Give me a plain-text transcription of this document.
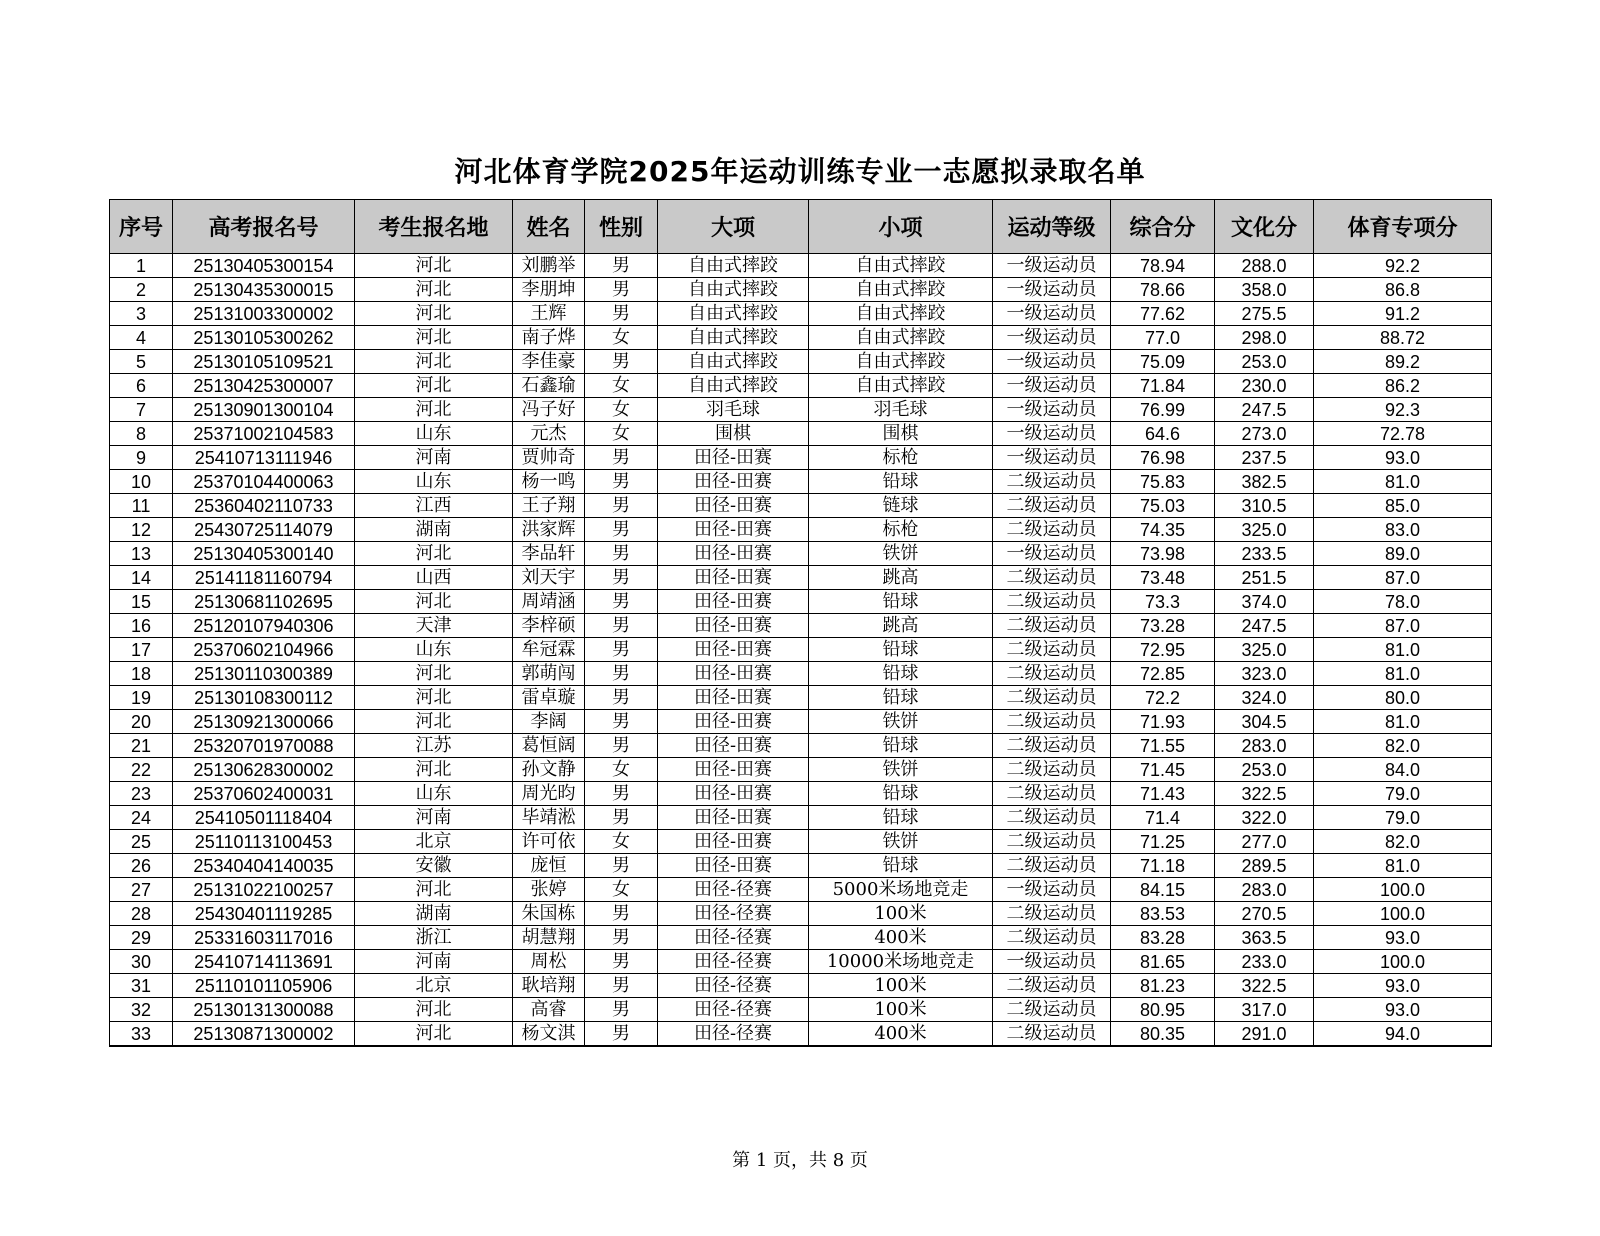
河北体育学院2025年运动训练专业一志愿拟录取名单
序号	高考报名号	考生报名地	姓名	性别	大项	小项	运动等级	综合分	文化分	体育专项分
1	25130405300154	河北	刘鹏举	男	自由式摔跤	自由式摔跤	一级运动员	78.94	288.0	92.2
2	25130435300015	河北	李朋坤	男	自由式摔跤	自由式摔跤	一级运动员	78.66	358.0	86.8
3	25131003300002	河北	王辉	男	自由式摔跤	自由式摔跤	一级运动员	77.62	275.5	91.2
4	25130105300262	河北	南子烨	女	自由式摔跤	自由式摔跤	一级运动员	77.0	298.0	88.72
5	25130105109521	河北	李佳豪	男	自由式摔跤	自由式摔跤	一级运动员	75.09	253.0	89.2
6	25130425300007	河北	石鑫瑜	女	自由式摔跤	自由式摔跤	一级运动员	71.84	230.0	86.2
7	25130901300104	河北	冯子好	女	羽毛球	羽毛球	一级运动员	76.99	247.5	92.3
8	25371002104583	山东	元杰	女	围棋	围棋	一级运动员	64.6	273.0	72.78
9	25410713111946	河南	贾帅奇	男	田径-田赛	标枪	一级运动员	76.98	237.5	93.0
10	25370104400063	山东	杨一鸣	男	田径-田赛	铅球	二级运动员	75.83	382.5	81.0
11	25360402110733	江西	王子翔	男	田径-田赛	链球	二级运动员	75.03	310.5	85.0
12	25430725114079	湖南	洪家辉	男	田径-田赛	标枪	二级运动员	74.35	325.0	83.0
13	25130405300140	河北	李品轩	男	田径-田赛	铁饼	一级运动员	73.98	233.5	89.0
14	25141181160794	山西	刘天宇	男	田径-田赛	跳高	二级运动员	73.48	251.5	87.0
15	25130681102695	河北	周靖涵	男	田径-田赛	铅球	二级运动员	73.3	374.0	78.0
16	25120107940306	天津	李梓硕	男	田径-田赛	跳高	二级运动员	73.28	247.5	87.0
17	25370602104966	山东	牟冠霖	男	田径-田赛	铅球	二级运动员	72.95	325.0	81.0
18	25130110300389	河北	郭萌闯	男	田径-田赛	铅球	二级运动员	72.85	323.0	81.0
19	25130108300112	河北	雷卓璇	男	田径-田赛	铅球	二级运动员	72.2	324.0	80.0
20	25130921300066	河北	李阔	男	田径-田赛	铁饼	二级运动员	71.93	304.5	81.0
21	25320701970088	江苏	葛恒阔	男	田径-田赛	铅球	二级运动员	71.55	283.0	82.0
22	25130628300002	河北	孙文静	女	田径-田赛	铁饼	二级运动员	71.45	253.0	84.0
23	25370602400031	山东	周光昀	男	田径-田赛	铅球	二级运动员	71.43	322.5	79.0
24	25410501118404	河南	毕靖淞	男	田径-田赛	铅球	二级运动员	71.4	322.0	79.0
25	25110113100453	北京	许可依	女	田径-田赛	铁饼	二级运动员	71.25	277.0	82.0
26	25340404140035	安徽	庞恒	男	田径-田赛	铅球	二级运动员	71.18	289.5	81.0
27	25131022100257	河北	张婷	女	田径-径赛	5000米场地竞走	一级运动员	84.15	283.0	100.0
28	25430401119285	湖南	朱国栋	男	田径-径赛	100米	二级运动员	83.53	270.5	100.0
29	25331603117016	浙江	胡慧翔	男	田径-径赛	400米	二级运动员	83.28	363.5	93.0
30	25410714113691	河南	周松	男	田径-径赛	10000米场地竞走	一级运动员	81.65	233.0	100.0
31	25110101105906	北京	耿培翔	男	田径-径赛	100米	二级运动员	81.23	322.5	93.0
32	25130131300088	河北	高睿	男	田径-径赛	100米	二级运动员	80.95	317.0	93.0
33	25130871300002	河北	杨文淇	男	田径-径赛	400米	二级运动员	80.35	291.0	94.0
第 1 页，共 8 页
